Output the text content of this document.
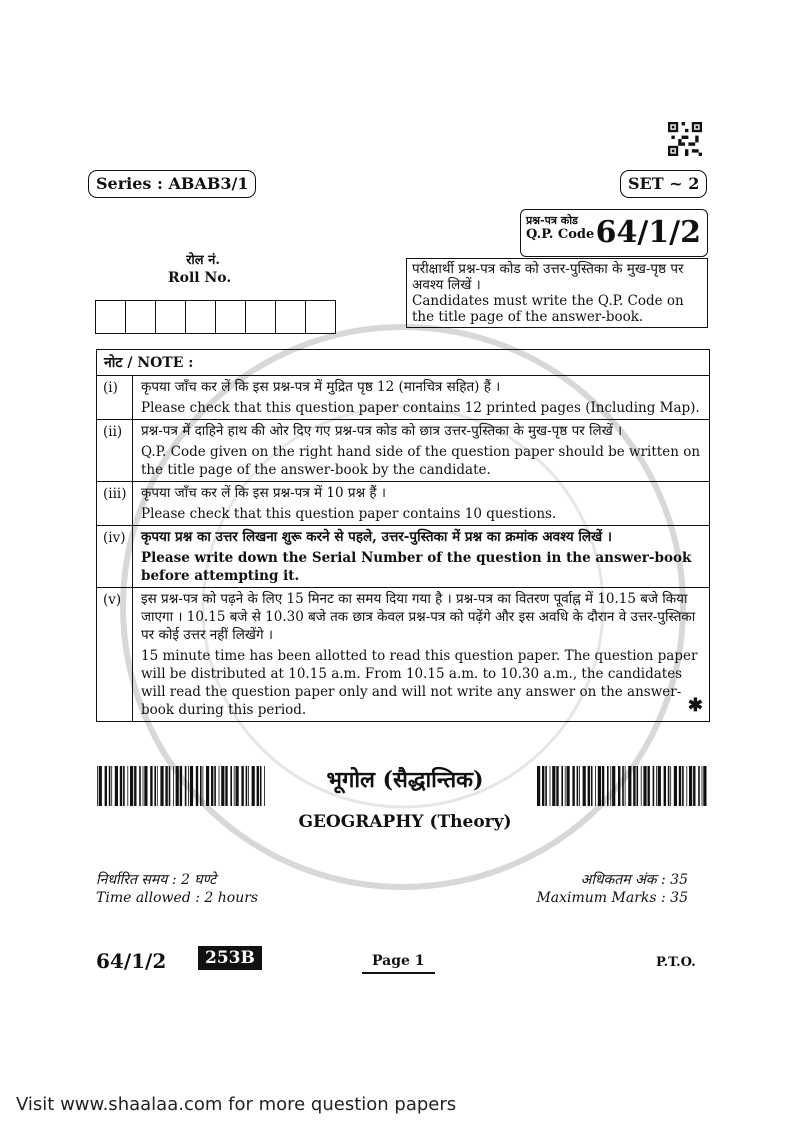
Series : ABAB3/1	SET ~ 2
प्रश्न-पत्र कोड
Q.P. Code 64/1/2
रोल नं.
Roll No.
परीक्षार्थी प्रश्न-पत्र कोड को उत्तर-पुस्तिका के मुख-पृष्ठ पर अवश्य लिखें ।
Candidates must write the Q.P. Code on the title page of the answer-book.
नोट / NOTE :
(i)	कृपया जाँच कर लें कि इस प्रश्न-पत्र में मुद्रित पृष्ठ 12 (मानचित्र सहित) हैं ।

Please check that this question paper contains 12 printed pages (Including Map).

(ii)	प्रश्न-पत्र में दाहिने हाथ की ओर दिए गए प्रश्न-पत्र कोड को छात्र उत्तर-पुस्तिका के मुख-पृष्ठ पर लिखें ।

Q.P. Code given on the right hand side of the question paper should be written on the title page of the answer-book by the candidate.

(iii)	कृपया जाँच कर लें कि इस प्रश्न-पत्र में 10 प्रश्न हैं ।

Please check that this question paper contains 10 questions.

(iv)	कृपया प्रश्न का उत्तर लिखना शुरू करने से पहले, उत्तर-पुस्तिका में प्रश्न का क्रमांक अवश्य लिखें ।

Please write down the Serial Number of the question in the answer-book before attempting it.

(v)	इस प्रश्न-पत्र को पढ़ने के लिए 15 मिनट का समय दिया गया है । प्रश्न-पत्र का वितरण पूर्वाह्न में 10.15 बजे किया जाएगा । 10.15 बजे से 10.30 बजे तक छात्र केवल प्रश्न-पत्र को पढ़ेंगे और इस अवधि के दौरान वे उत्तर-पुस्तिका पर कोई उत्तर नहीं लिखेंगे ।

15 minute time has been allotted to read this question paper. The question paper will be distributed at 10.15 a.m. From 10.15 a.m. to 10.30 a.m., the candidates will read the question paper only and will not write any answer on the answer-book during this period.	✱

भूगोल (सैद्धान्तिक)
GEOGRAPHY (Theory)
निर्धारित समय : 2 घण्टे
Time allowed : 2 hours
अधिकतम अंक : 35
Maximum Marks : 35
64/1/2	253B	Page 1	P.T.O.
Visit www.shaalaa.com for more question papers
